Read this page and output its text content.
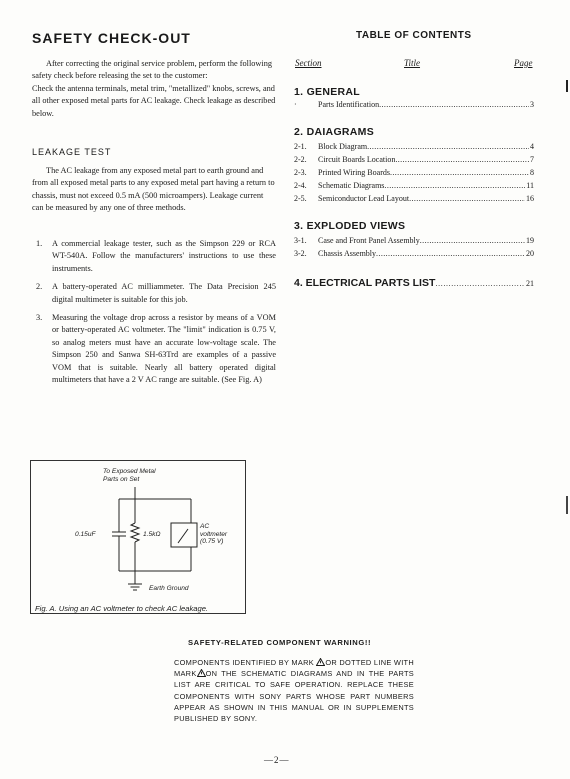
SAFETY CHECK-OUT

After correcting the original service problem, perform the following safety check before releasing the set to the customer:

Check the antenna terminals, metal trim, "metallized" knobs, screws, and all other exposed metal parts for AC leakage. Check leakage as described below.

LEAKAGE TEST

The AC leakage from any exposed metal part to earth ground and from all exposed metal parts to any exposed metal part having a return to chassis, must not exceed 0.5 mA (500 microampers). Leakage current can be measured by any one of three methods.

1. A commercial leakage tester, such as the Simpson 229 or RCA WT-540A. Follow the manufacturers' instructions to use these instruments.
2. A battery-operated AC milliammeter. The Data Precision 245 digital multimeter is suitable for this job.
3. Measuring the voltage drop across a resistor by means of a VOM or battery-operated AC voltmeter. The "limit" indication is 0.75 V, so analog meters must have an accurate low-voltage scale. The Simpson 250 and Sanwa SH-63Trd are examples of a passive VOM that is suitable. Nearly all battery operated digital multimeters that have a 2 V AC range are suitable. (See Fig. A)
To Exposed Metal
Parts on Set
0.15uF	1.5kΩ
AC
voltmeter
(0.75 V)
Earth Ground
Fig. A. Using an AC voltmeter to check AC leakage.
TABLE OF CONTENTS
Section	Title	Page
1. GENERAL
·	Parts Identification .....	3
2. DAIAGRAMS
2-1.	Block Diagram .....	4
2-2.	Circuit Boards Location .....	7
2-3.	Printed Wiring Boards .....	8
2-4.	Schematic Diagrams .....	11
2-5.	Semiconductor Lead Layout .....	16
3. EXPLODED VIEWS
3-1.	Case and Front Panel Assembly .....	19
3-2.	Chassis Assembly .....	20
4. ELECTRICAL PARTS LIST .....	21
SAFETY-RELATED COMPONENT WARNING!!

COMPONENTS IDENTIFIED BY MARK OR DOTTED LINE WITH MARK ON THE SCHEMATIC DIAGRAMS AND IN THE PARTS LIST ARE CRITICAL TO SAFE OPERATION. REPLACE THESE COMPONENTS WITH SONY PARTS WHOSE PART NUMBERS APPEAR AS SHOWN IN THIS MANUAL OR IN SUPPLEMENTS PUBLISHED BY SONY.

—2—
